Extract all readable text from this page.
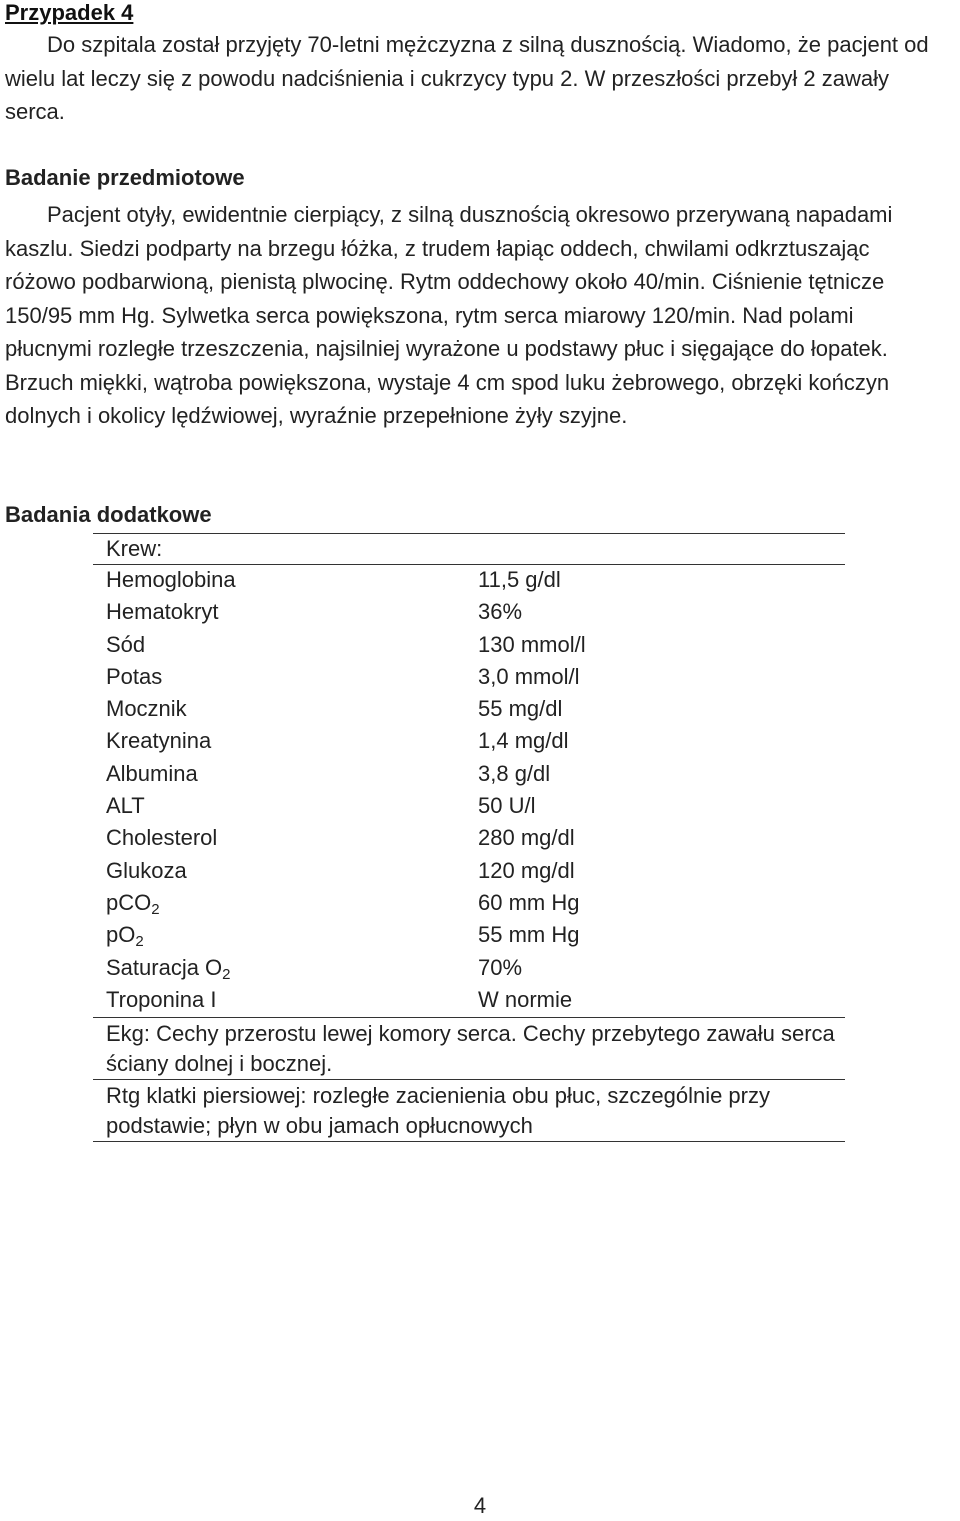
Przypadek 4
Do szpitala został przyjęty 70-letni mężczyzna z silną dusznością. Wiadomo, że pacjent od wielu lat leczy się z powodu nadciśnienia i cukrzycy typu 2. W przeszłości przebył 2 zawały serca.
Badanie przedmiotowe
Pacjent otyły, ewidentnie cierpiący, z silną dusznością okresowo przerywaną napadami kaszlu. Siedzi podparty na brzegu łóżka, z trudem łapiąc oddech, chwilami odkrztuszając różowo podbarwioną, pienistą plwocinę. Rytm oddechowy około 40/min. Ciśnienie tętnicze 150/95 mm Hg. Sylwetka serca powiększona, rytm serca miarowy 120/min. Nad polami płucnymi rozległe trzeszczenia, najsilniej wyrażone u podstawy płuc i sięgające do łopatek. Brzuch miękki, wątroba powiększona, wystaje 4 cm spod luku żebrowego, obrzęki kończyn dolnych i okolicy lędźwiowej, wyraźnie przepełnione żyły szyjne.
Badania dodatkowe
Krew:
Hemoglobina	11,5 g/dl
Hematokryt	36%
Sód	130 mmol/l
Potas	3,0 mmol/l
Mocznik	55 mg/dl
Kreatynina	1,4 mg/dl
Albumina	3,8 g/dl
ALT	50 U/l
Cholesterol	280 mg/dl
Glukoza	120 mg/dl
pCO2	60 mm Hg
pO2	55 mm Hg
Saturacja O2	70%
Troponina I	W normie
Ekg: Cechy przerostu lewej komory serca. Cechy przebytego zawału serca ściany dolnej i bocznej.
Rtg klatki piersiowej: rozległe zacienienia obu płuc, szczególnie przy podstawie; płyn w obu jamach opłucnowych
4
